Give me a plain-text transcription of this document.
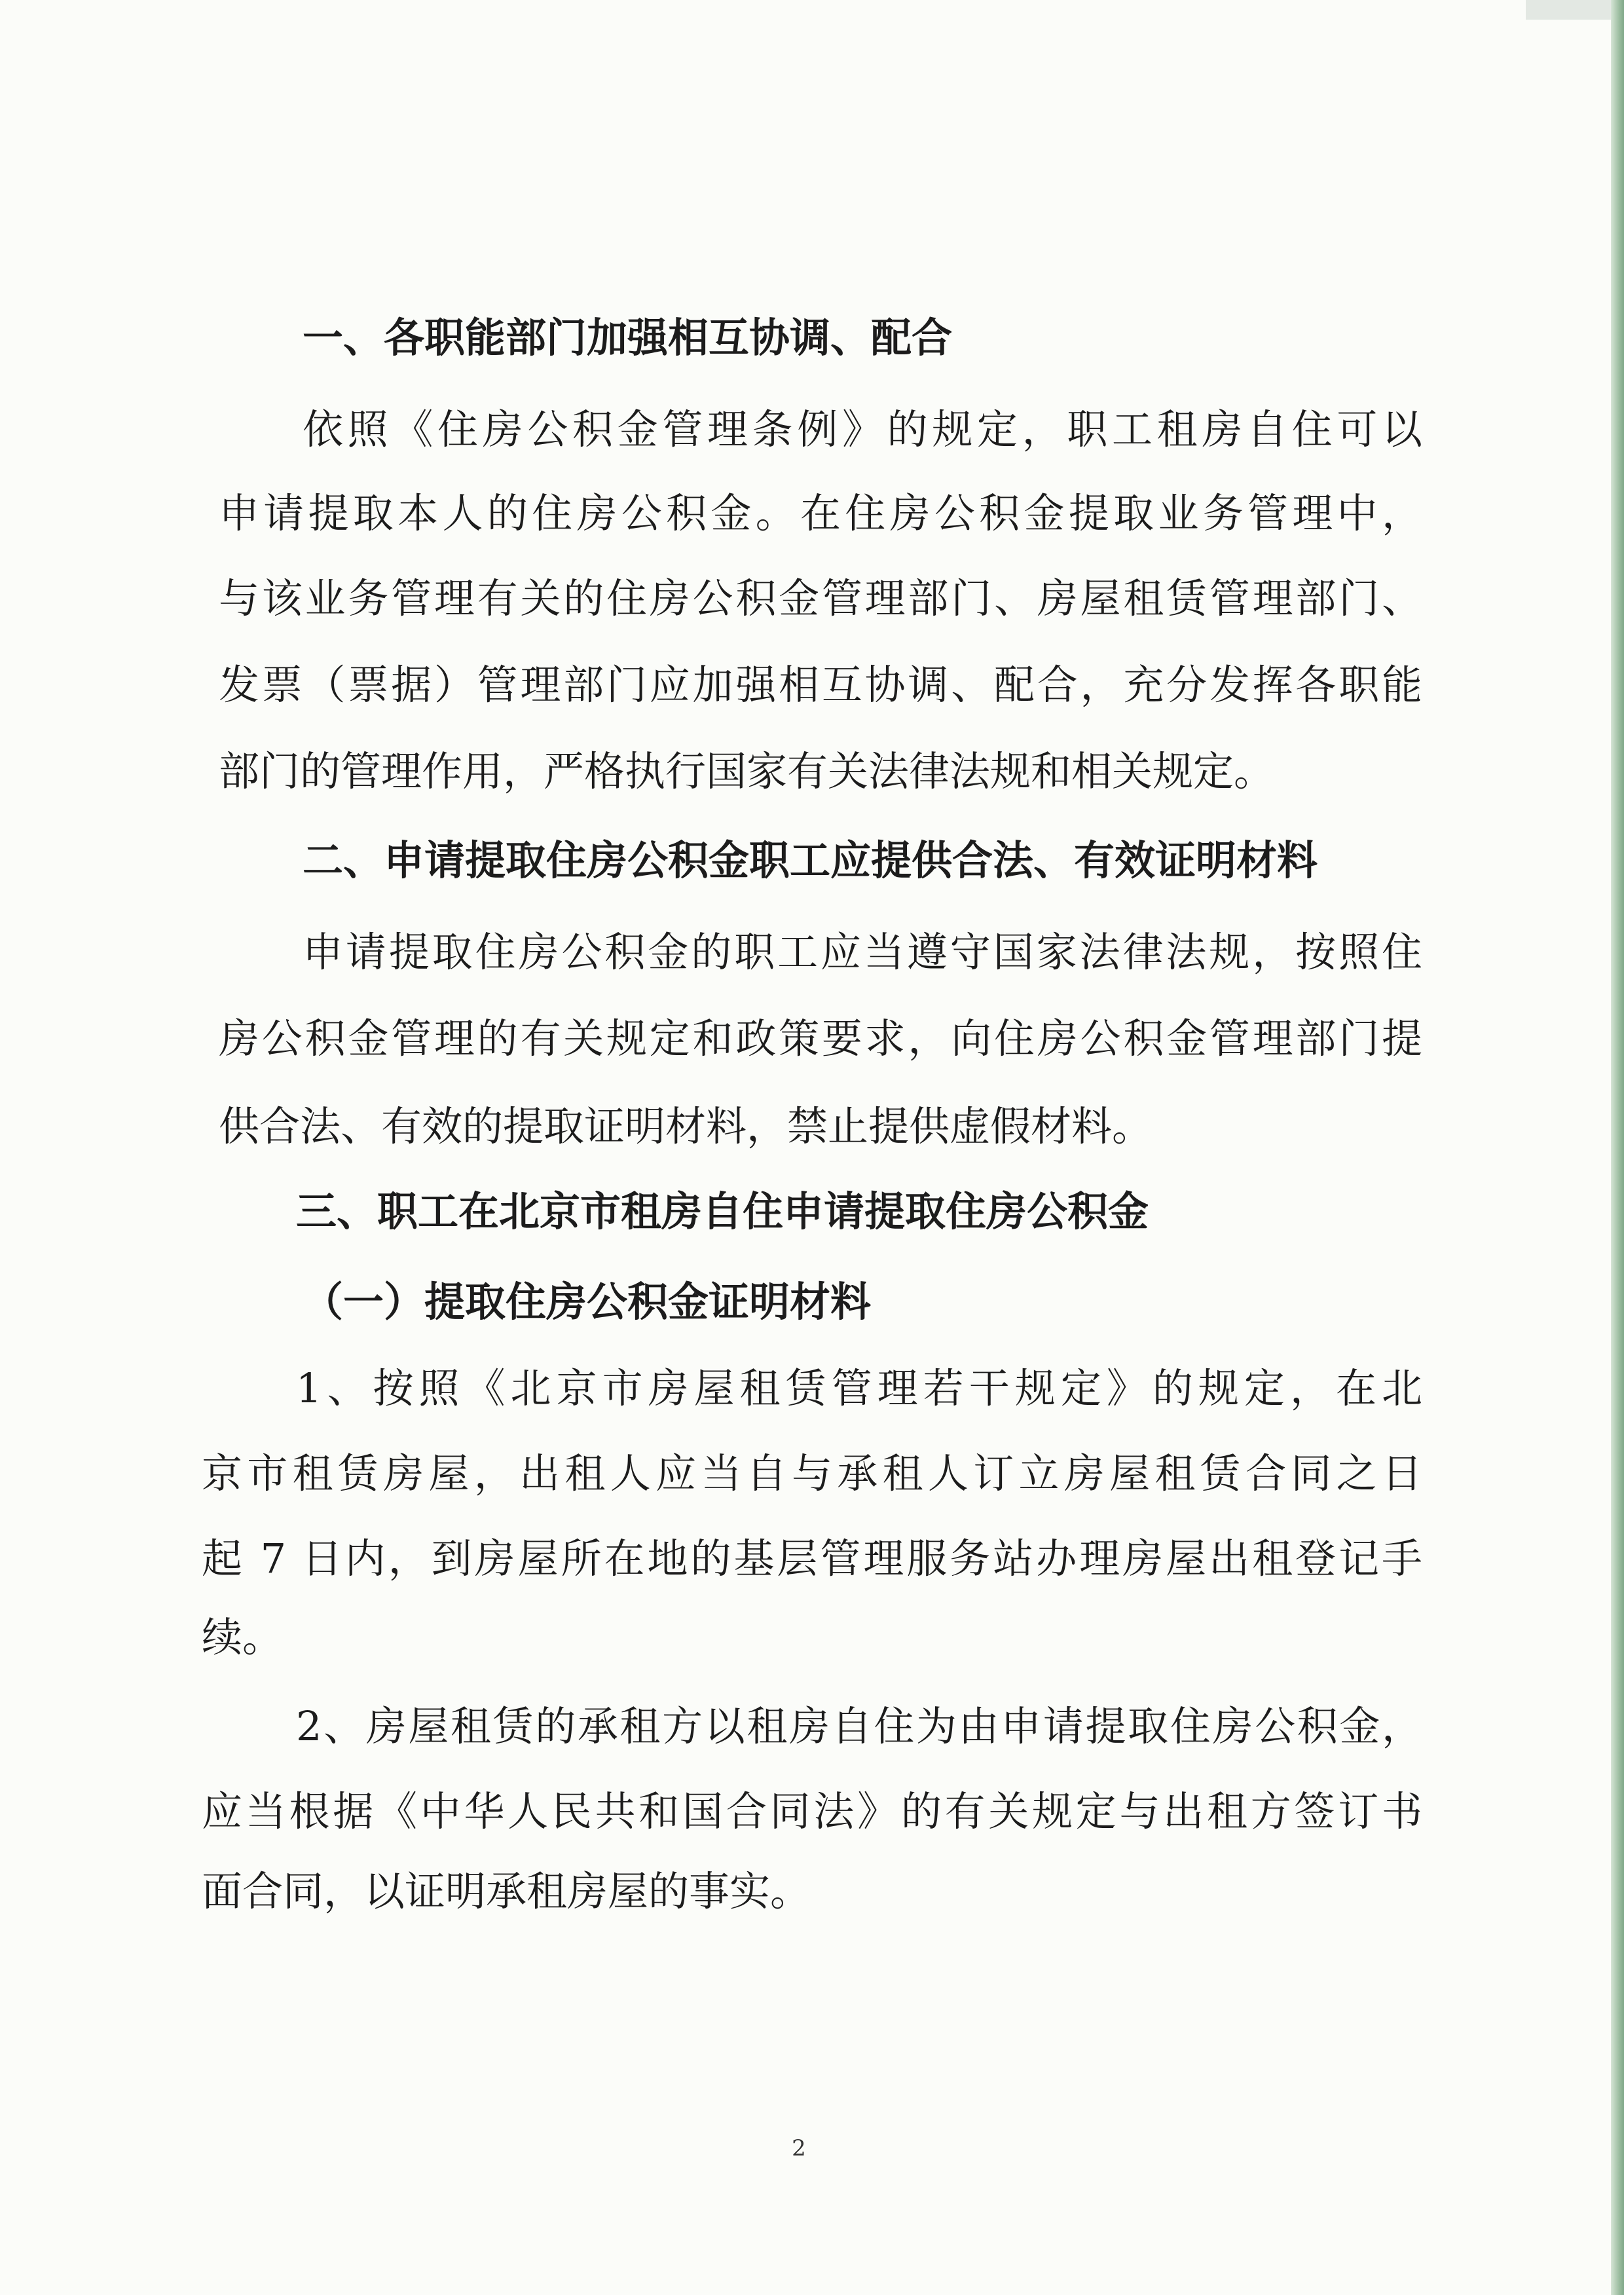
一、各职能部门加强相互协调、配合
依照《住房公积金管理条例》的规定，职工租房自住可以
申请提取本人的住房公积金。在住房公积金提取业务管理中，
与该业务管理有关的住房公积金管理部门、房屋租赁管理部门、
发票（票据）管理部门应加强相互协调、配合，充分发挥各职能
部门的管理作用，严格执行国家有关法律法规和相关规定。
二、申请提取住房公积金职工应提供合法、有效证明材料
申请提取住房公积金的职工应当遵守国家法律法规，按照住
房公积金管理的有关规定和政策要求，向住房公积金管理部门提
供合法、有效的提取证明材料，禁止提供虚假材料。
三、职工在北京市租房自住申请提取住房公积金
（一）提取住房公积金证明材料
1、按照《北京市房屋租赁管理若干规定》的规定，在北
京市租赁房屋，出租人应当自与承租人订立房屋租赁合同之日
起 7 日内，到房屋所在地的基层管理服务站办理房屋出租登记手
续。
2、房屋租赁的承租方以租房自住为由申请提取住房公积金，
应当根据《中华人民共和国合同法》的有关规定与出租方签订书
面合同，以证明承租房屋的事实。
2
